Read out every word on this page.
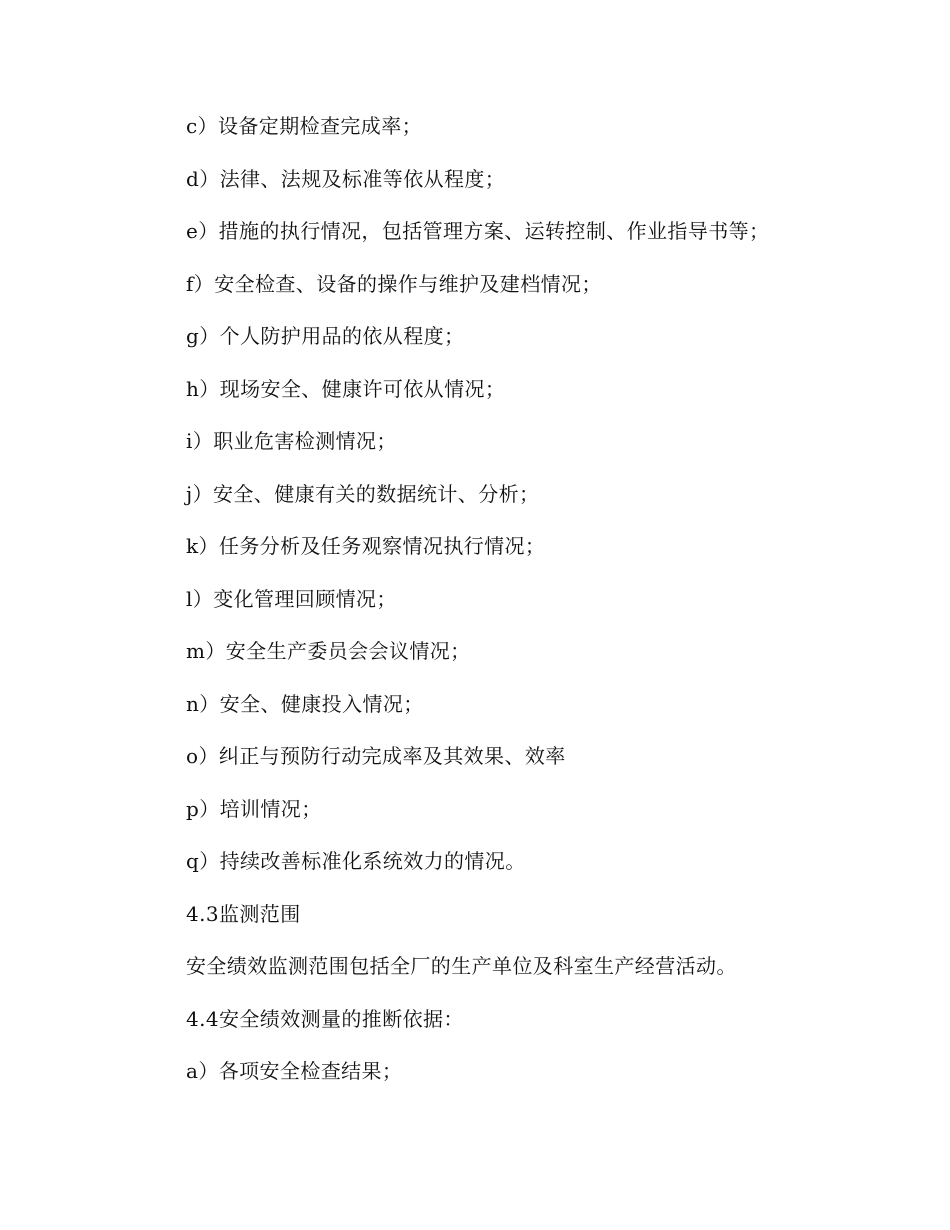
c）设备定期检查完成率；

d）法律、法规及标准等依从程度；

e）措施的执行情况，包括管理方案、运转控制、作业指导书等；

f）安全检查、设备的操作与维护及建档情况；

g）个人防护用品的依从程度；

h）现场安全、健康许可依从情况；

i）职业危害检测情况；

j）安全、健康有关的数据统计、分析；

k）任务分析及任务观察情况执行情况；

l）变化管理回顾情况；

m）安全生产委员会会议情况；

n）安全、健康投入情况；

o）纠正与预防行动完成率及其效果、效率

p）培训情况；

q）持续改善标准化系统效力的情况。

4.3监测范围

安全绩效监测范围包括全厂的生产单位及科室生产经营活动。

4.4安全绩效测量的推断依据：

a）各项安全检查结果；
